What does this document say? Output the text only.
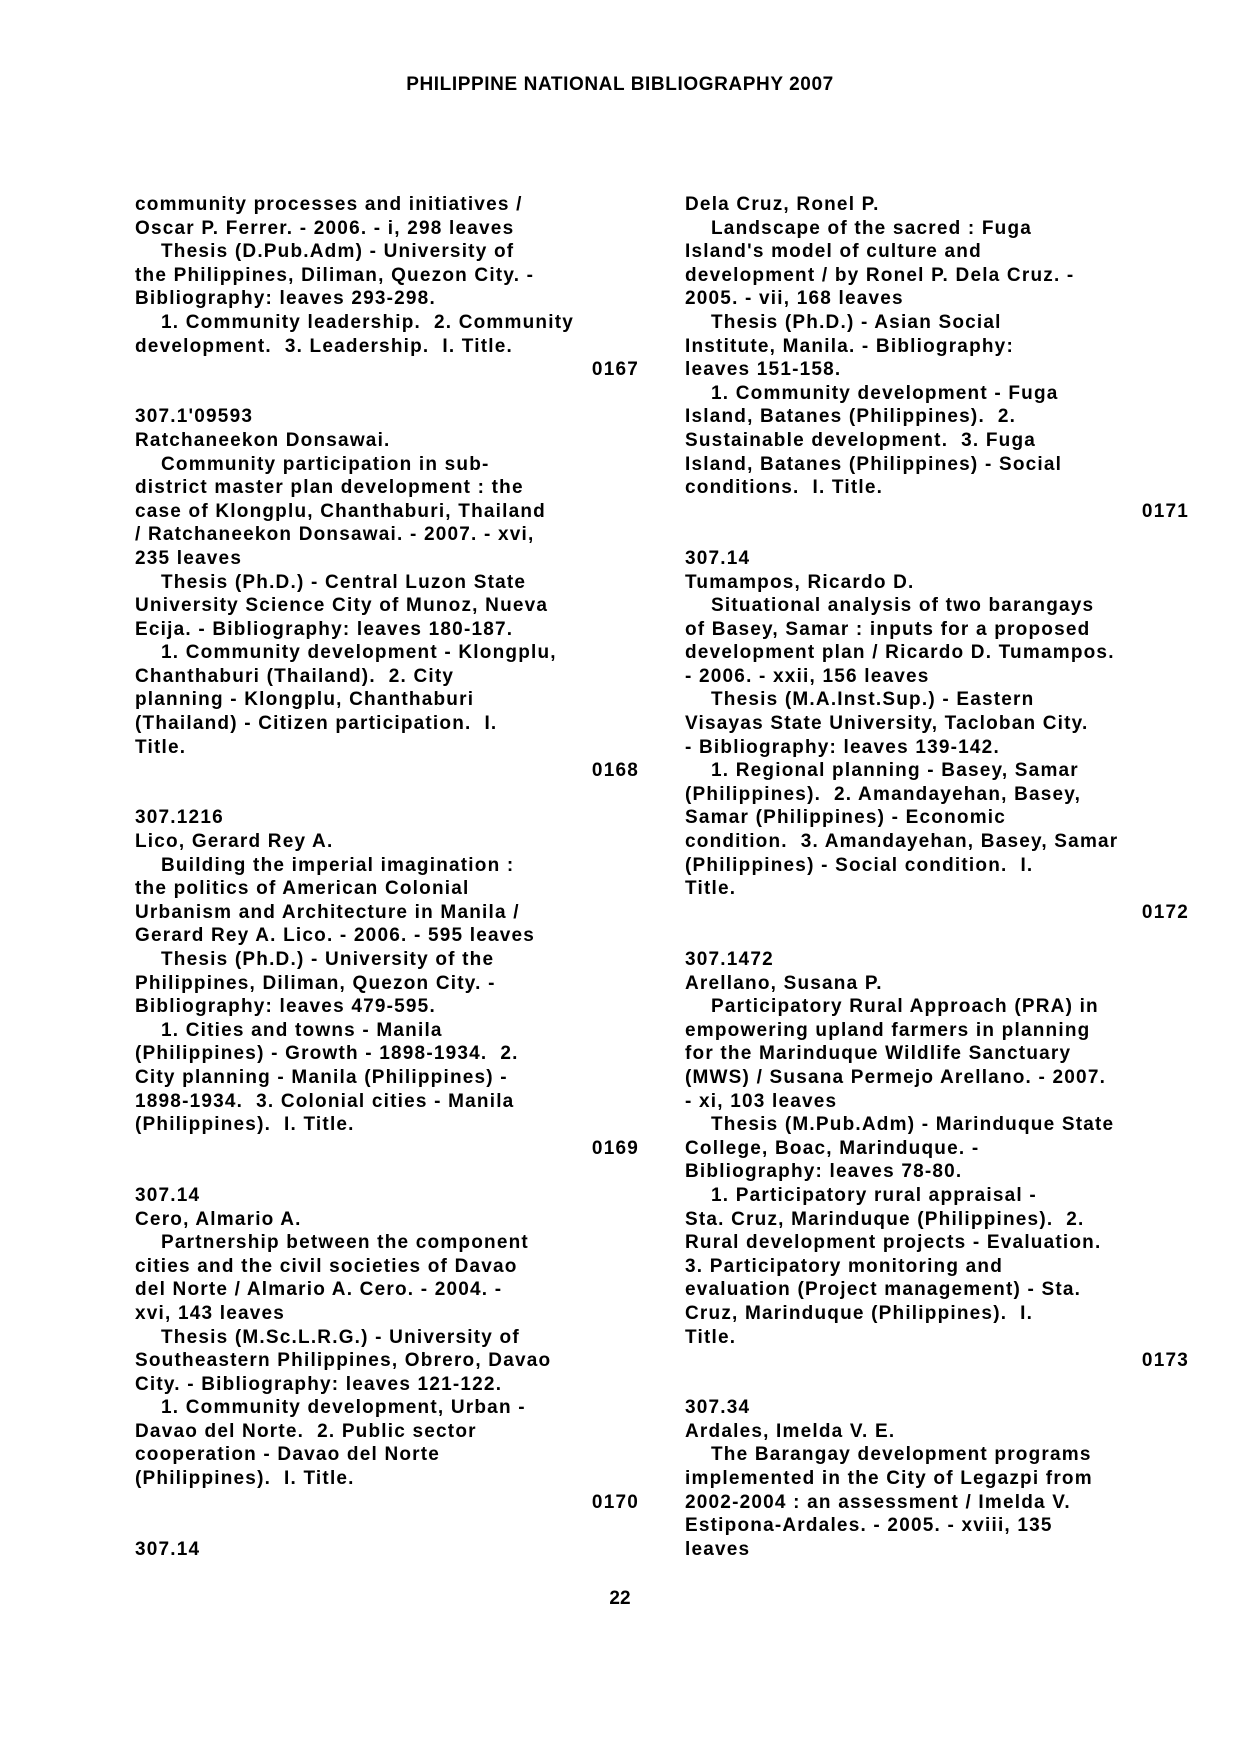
PHILIPPINE NATIONAL BIBLIOGRAPHY 2007
community processes and initiatives /
Oscar P. Ferrer. - 2006. - i, 298 leaves
Thesis (D.Pub.Adm) - University of
the Philippines, Diliman, Quezon City. -
Bibliography: leaves 293-298.
1. Community leadership.  2. Community
development.  3. Leadership.  I. Title.
0167
307.1'09593
Ratchaneekon Donsawai.
Community participation in sub-
district master plan development : the
case of Klongplu, Chanthaburi, Thailand
/ Ratchaneekon Donsawai. - 2007. - xvi,
235 leaves
Thesis (Ph.D.) - Central Luzon State
University Science City of Munoz, Nueva
Ecija. - Bibliography: leaves 180-187.
1. Community development - Klongplu,
Chanthaburi (Thailand).  2. City
planning - Klongplu, Chanthaburi
(Thailand) - Citizen participation.  I.
Title.
0168
307.1216
Lico, Gerard Rey A.
Building the imperial imagination :
the politics of American Colonial
Urbanism and Architecture in Manila /
Gerard Rey A. Lico. - 2006. - 595 leaves
Thesis (Ph.D.) - University of the
Philippines, Diliman, Quezon City. -
Bibliography: leaves 479-595.
1. Cities and towns - Manila
(Philippines) - Growth - 1898-1934.  2.
City planning - Manila (Philippines) -
1898-1934.  3. Colonial cities - Manila
(Philippines).  I. Title.
0169
307.14
Cero, Almario A.
Partnership between the component
cities and the civil societies of Davao
del Norte / Almario A. Cero. - 2004. -
xvi, 143 leaves
Thesis (M.Sc.L.R.G.) - University of
Southeastern Philippines, Obrero, Davao
City. - Bibliography: leaves 121-122.
1. Community development, Urban -
Davao del Norte.  2. Public sector
cooperation - Davao del Norte
(Philippines).  I. Title.
0170
307.14
Dela Cruz, Ronel P.
Landscape of the sacred : Fuga
Island's model of culture and
development / by Ronel P. Dela Cruz. -
2005. - vii, 168 leaves
Thesis (Ph.D.) - Asian Social
Institute, Manila. - Bibliography:
leaves 151-158.
1. Community development - Fuga
Island, Batanes (Philippines).  2.
Sustainable development.  3. Fuga
Island, Batanes (Philippines) - Social
conditions.  I. Title.
0171
307.14
Tumampos, Ricardo D.
Situational analysis of two barangays
of Basey, Samar : inputs for a proposed
development plan / Ricardo D. Tumampos.
- 2006. - xxii, 156 leaves
Thesis (M.A.Inst.Sup.) - Eastern
Visayas State University, Tacloban City.
- Bibliography: leaves 139-142.
1. Regional planning - Basey, Samar
(Philippines).  2. Amandayehan, Basey,
Samar (Philippines) - Economic
condition.  3. Amandayehan, Basey, Samar
(Philippines) - Social condition.  I.
Title.
0172
307.1472
Arellano, Susana P.
Participatory Rural Approach (PRA) in
empowering upland farmers in planning
for the Marinduque Wildlife Sanctuary
(MWS) / Susana Permejo Arellano. - 2007.
- xi, 103 leaves
Thesis (M.Pub.Adm) - Marinduque State
College, Boac, Marinduque. -
Bibliography: leaves 78-80.
1. Participatory rural appraisal -
Sta. Cruz, Marinduque (Philippines).  2.
Rural development projects - Evaluation.
3. Participatory monitoring and
evaluation (Project management) - Sta.
Cruz, Marinduque (Philippines).  I.
Title.
0173
307.34
Ardales, Imelda V. E.
The Barangay development programs
implemented in the City of Legazpi from
2002-2004 : an assessment / Imelda V.
Estipona-Ardales. - 2005. - xviii, 135
leaves
22
